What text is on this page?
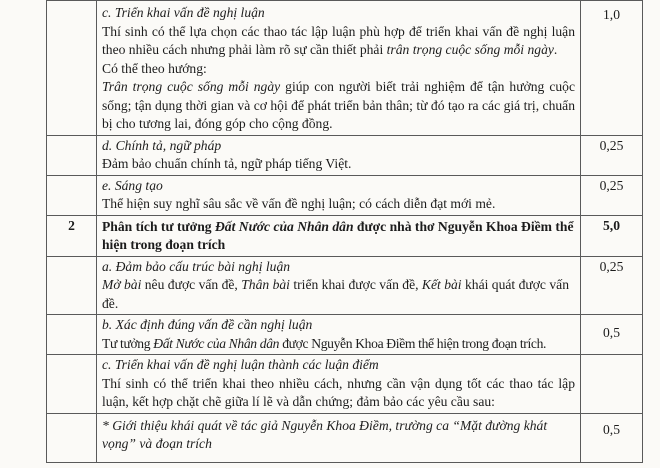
	c. Triển khai vấn đề nghị luận
Thí sinh có thể lựa chọn các thao tác lập luận phù hợp để triển khai vấn đề nghị luận theo nhiều cách nhưng phải làm rõ sự cần thiết phải trân trọng cuộc sống mỗi ngày.
Có thể theo hướng:
Trân trọng cuộc sống mỗi ngày giúp con người biết trải nghiệm để tận hưởng cuộc sống; tận dụng thời gian và cơ hội để phát triển bản thân; từ đó tạo ra các giá trị, chuẩn bị cho tương lai, đóng góp cho cộng đồng.	1,0

	d. Chính tả, ngữ pháp
Đảm bảo chuẩn chính tả, ngữ pháp tiếng Việt.	0,25

	e. Sáng tạo
Thể hiện suy nghĩ sâu sắc về vấn đề nghị luận; có cách diễn đạt mới mẻ.	0,25
2	Phân tích tư tưởng Đất Nước của Nhân dân được nhà thơ Nguyễn Khoa Điềm thể hiện trong đoạn trích	5,0

	a. Đảm bảo cấu trúc bài nghị luận
Mở bài nêu được vấn đề, Thân bài triển khai được vấn đề, Kết bài khái quát được vấn đề.	0,25

	b. Xác định đúng vấn đề cần nghị luận
Tư tưởng Đất Nước của Nhân dân được Nguyễn Khoa Điềm thể hiện trong đoạn trích.	0,5

	c. Triển khai vấn đề nghị luận thành các luận điểm
Thí sinh có thể triển khai theo nhiều cách, nhưng cần vận dụng tốt các thao tác lập luận, kết hợp chặt chẽ giữa lí lẽ và dẫn chứng; đảm bảo các yêu cầu sau:	

	* Giới thiệu khái quát về tác giả Nguyễn Khoa Điềm, trường ca “Mặt đường khát vọng” và đoạn trích	0,5
